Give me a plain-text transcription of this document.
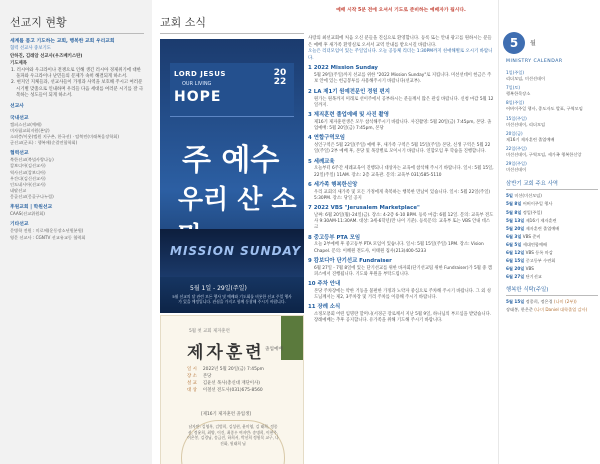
선교지 현황
세계를 품고 기도하는 교회, 행복한 교회 우리교회
협력 선교사 중보기도
안하진, 김레암 선교사(우즈베키스탄)
기도제목
1. 러시아와 우크라이나 전쟁으로 인해 생긴 러시아 경제위기에 대한 돌파와 우크라이나 난민들의 문제가 속히 해결되게 하소서.
2. 현지인 지체들과, 선교사들이 가정과 사역을 보호해 주시고 여러분 시기별 맞춤으로 인내하며 우리들 다음 세대를 여러분 시기를 잘 극복하는 성도들이 되게 하소서.
선교사
국내선교
캠퍼스선교(예배)
미자립교회지원(본당)
소외층/이웃(엘원 지구촌, 한국선) · 탈북민(미래복음장학회)
군선교(군포) : 행복애(순결연합학회)
협력선교
북한선교(북녘사랑나눔)
캄보디아(김선교사)
역사선교(캄보디아)
우간다(김신선교사)
인도네시아(선교사)
네팔선교
몽골선교(몽골구나누림)
후원교회 | 학원선교
CAAS(선교위원회)
기타선교
문병학 전원 : 미로에(운동장소년원분원)
영문 선교사 : CGNTV 선교유교동 협력회
교회 소식
LORD JESUS
OUR LIVING
HOPE
20 22
주 예수
우리 산 소
MISSION SUNDAY
5월 1일 - 29일(주일)
5월 선교의 달 관련 모든 행사 및 예배와 기도회를 비롯한 선교 주일 행사가 있을 예정입니다. 관심을 가지고 함께 동참해 주시기 바랍니다.
5월 첫 교회 제자훈련
제자훈련 졸업예배
일 시 2022년 5월 20일(금) 7:45pm
장 소 본당
설 교 김윤선 목사(총신대 재단이사)
대 상 이철선 전도사(031)675-8560
[제16기 제자훈련 졸업생]
남자반: 김영복, 김범희, 김성현, 윤미영, 김 태희, 정종선, 정윤희, 최양, 이건, 최종우 여자반: 송명희, 이현주, 이은봉, 김경님, 송금진, 하희서, 박선희 정원목 교구, 나진화, 원태희 님
예배 시작 5분 전에 오셔서 기도로 준비하는 예배자가 됩시다.
사랑의 최선교회에 처음 오신 분들을 진심으로 환영합니다. 등록 또는 안내 광고를 원하시는 분들은 예배 후 새가족 환영실로 오셔서 교역 안내를 받으시길 바랍니다.
오늘은 리더모임이 있는 주일입니다. 오늘 공동체 리더는 1:30PM까지 친애해별로 오시기 바랍니다.
1 2022 Mission Sunday
5월 29일(주일)까지 선교를 위한 "2022 Mission Sunday"로 지킵니다. 미션선데이 헌금은 주보 안에 있는 헌금봉투를 사용해주시기 바랍니다(선교부).
2 LA 제1기 원예전문인 정원 편지
원가는 원목까지 미래로 선이주에서 공부하시는 분들께서 많은 관심 바랍니다. 신청 마감 5월 12일까지.
3 제직훈련 졸업예배 및 사진 촬영
제16기 제자훈련생은 모두 참석해주시기 바랍니다. 사진촬영: 5월 20일(금) 7:45pm, 본당. 졸업예배: 5월 20일(금) 7:45pm, 본당
4 연합구역모임
성인구역은 5월 22일(주일) 예배 후, 새가족 구역은 5월 15일(주일) 본당, 신생 구역은 5월 22일(주일) 2부 예배 후, 본당 및 목장별로 모이시기 바랍니다. 연합모임 후 학습을 진행합니다.
5 세례교육
오늘부터 6주간 세례교육이 진행되니 대상자는 교육에 참석해 주시기 바랍니다. 일시: 5월 15일, 22일(주일) 11AM. 장소: 2층 교육관. 문의: 교육부 031)585-5110
6 세가족 행복한신앙
우리 교회의 새가족 및 모든 가정에게 축복하는 행복한 만남이 있습니다. 일시: 5월 22일(주일) 5:30PM. 장소: 당일 공지
7 2022 VBS "Jerusalem Marketplace"
날짜: 6월 20일(월)-24일(금). 장소: 4-2층 6-10 BPM. 등록 마감: 6월 12일. 문의: 교육부 전도사 9:30AM-11:30AM. 대상: 3세-6학년(만 나이 기준). 등록문의: 교육부 또는 VBS 안내 데스크
8 중고등부 PTA 모임
오늘 2부예배 후 중고등부 PTA 모임이 있습니다. 일시: 5월 15일(주일) 1PM. 장소: Vision Chapel. 문의: 이혜원 전도사, 이태원 집사(213)400-5233
9 캄보디아 단기선교 Fundraiser
6월 27일 - 7월 8일에 있는 단기선교를 위한 바자회(단기선교팀 위한 Fundraiser)가 5월 중 캠퍼스에서 진행됩니다. 기도와 후원을 부탁드립니다.
10 주차 안내
본당 주차장에는 약한 거동을 불편한 가정과 노약자 중심으로 주차해 주시기 바랍니다. 그 외 성도님께서는 제2, 3주차장 및 거리 주차를 이용해 주시기 바랍니다.
11 장례 소식
소정모퐁회 어떤 임명란 할머니(서경근 장로께서 지난 5월 9일, 하나님의 부르심을 받았습니다. 장례예배는 추후 공지합니다. 유가족을 위해 기도해 주시기 바랍니다.
5	월
MINISTRY CALENDAR
1일(주일)
리더모임, 미션선데이
7일(토)
행복한목장소
8일(주일)
어버이주일 행사, 종도자도 발표, 구역모임
15일(주일)
미션선데이, 리더모임
20일(금)
제16기 제자훈련 졸업예배
22일(주일)
미션선데이, 구역모임, 세가족 행복한신앙
29일(주일)
미션선데이
삼반기 교회 주요 사역
5일 미션(미션모임)
5월 8일 어버이주일 행사
5월 8일 정일(주일)
5월 13일 제16기 제자훈련
5월 20일 제자훈련 졸업예배
6월 3일 VBS 준비
6월 5일 세대연합예배
6월 12일 VBS 등록 마감
6월 15일 중고등부 수련회
6월 20일 VBS
6월 27일 단기선교
행복한 식탁(주일)
5월 15일 정종희, 정은경 (나미 (2부))
장태봉, 한은준 (나미 Daniel 대학졸업 감사)
